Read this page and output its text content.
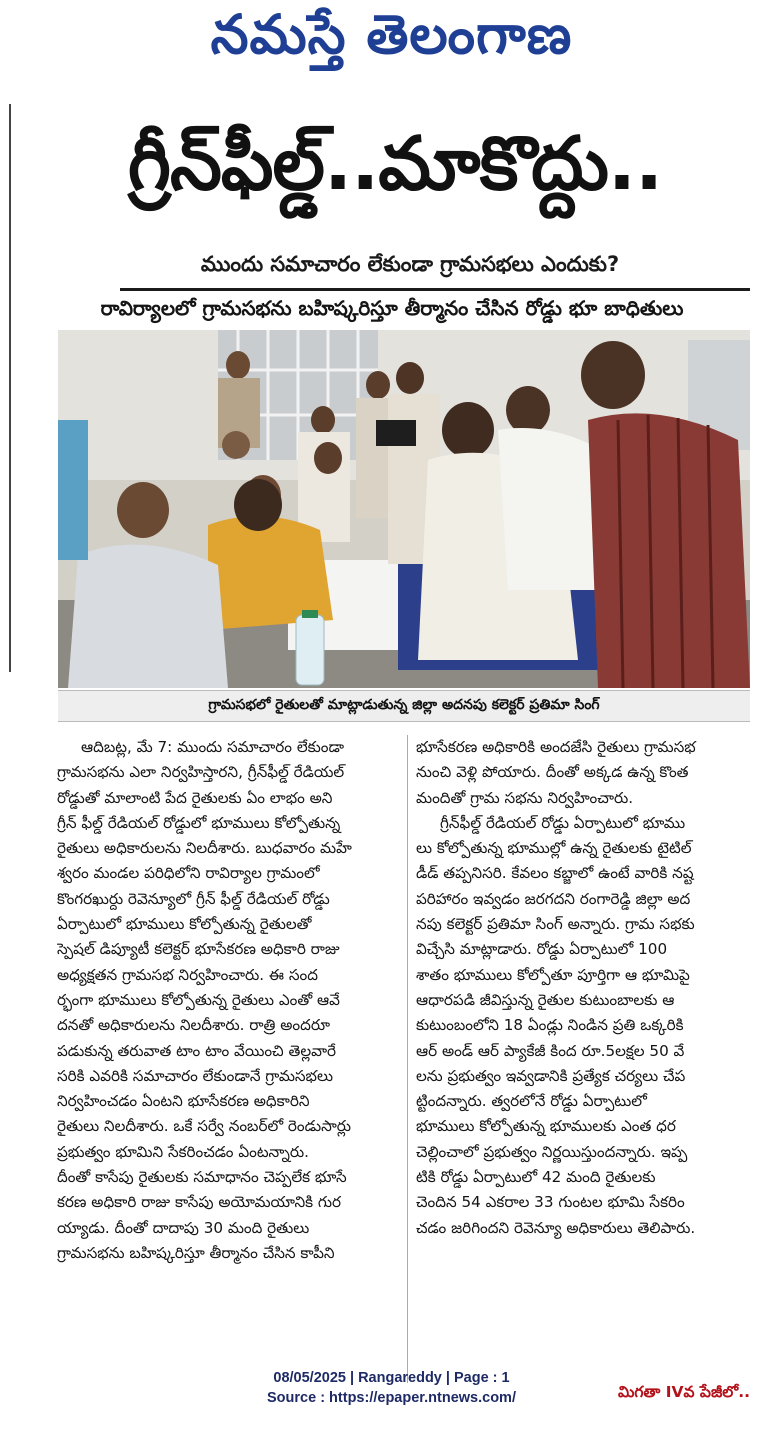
నమస్తే తెలంగాణ
గ్రీన్‌ఫీల్డ్..మాకొద్దు..
ముందు సమాచారం లేకుండా గ్రామసభలు ఎందుకు?
రావిర్యాలలో గ్రామసభను బహిష్కరిస్తూ తీర్మానం చేసిన రోడ్డు భూ బాధితులు
గ్రామసభలో రైతులతో మాట్లాడుతున్న జిల్లా అదనపు కలెక్టర్ ప్రతిమా సింగ్
ఆదిబట్ల, మే 7: ముందు సమాచారం లేకుండా
గ్రామసభను ఎలా నిర్వహిస్తారని, గ్రీన్‌ఫీల్డ్ రేడియల్
రోడ్డుతో మాలాంటి పేద రైతులకు ఏం లాభం అని
గ్రీన్ ఫీల్డ్ రేడియల్ రోడ్డులో భూములు కోల్పోతున్న
రైతులు అధికారులను నిలదీశారు. బుధవారం మహే
శ్వరం మండల పరిధిలోని రావిర్యాల గ్రామంలో
కొంగరఖుర్దు రెవెన్యూలో గ్రీన్ ఫీల్డ్ రేడియల్ రోడ్డు
ఏర్పాటులో భూములు కోల్పోతున్న రైతులతో
స్పెషల్ డిప్యూటీ కలెక్టర్ భూసేకరణ అధికారి రాజు
అధ్యక్షతన గ్రామసభ నిర్వహించారు. ఈ సంద
ర్భంగా భూములు కోల్పోతున్న రైతులు ఎంతో ఆవే
దనతో అధికారులను నిలదీశారు. రాత్రి అందరూ
పడుకున్న తరువాత టాం టాం వేయించి తెల్లవారే
సరికి ఎవరికి సమాచారం లేకుండానే గ్రామసభలు
నిర్వహించడం ఏంటని భూసేకరణ అధికారిని
రైతులు నిలదీశారు. ఒకే సర్వే నంబర్‌లో రెండుసార్లు
ప్రభుత్వం భూమిని సేకరించడం ఏంటన్నారు.
దీంతో కాసేపు రైతులకు సమాధానం చెప్పలేక భూసే
కరణ అధికారి రాజు కాసేపు అయోమయానికి గుర
య్యాడు. దీంతో దాదాపు 30 మంది రైతులు
గ్రామసభను బహిష్కరిస్తూ తీర్మానం చేసిన కాపీని
భూసేకరణ అధికారికి అందజేసి రైతులు గ్రామసభ
నుంచి వెళ్లి పోయారు. దీంతో అక్కడ ఉన్న కొంత
మందితో గ్రామ సభను నిర్వహించారు.
గ్రీన్‌ఫీల్డ్ రేడియల్ రోడ్డు ఏర్పాటులో భూము
లు కోల్పోతున్న భూముల్లో ఉన్న రైతులకు టైటిల్
డీడ్ తప్పనిసరి. కేవలం కబ్జాలో ఉంటే వారికి నష్ట
పరిహారం ఇవ్వడం జరగదని రంగారెడ్డి జిల్లా అద
నపు కలెక్టర్ ప్రతిమా సింగ్ అన్నారు. గ్రామ సభకు
విచ్చేసి మాట్లాడారు. రోడ్డు ఏర్పాటులో 100
శాతం భూములు కోల్పోతూ పూర్తిగా ఆ భూమిపై
ఆధారపడి జీవిస్తున్న రైతుల కుటుంబాలకు ఆ
కుటుంబంలోని 18 ఏండ్లు నిండిన ప్రతి ఒక్కరికి
ఆర్ అండ్ ఆర్ ప్యాకేజీ కింద రూ.5లక్షల 50 వే
లను ప్రభుత్వం ఇవ్వడానికి ప్రత్యేక చర్యలు చేప
ట్టిందన్నారు. త్వరలోనే రోడ్డు ఏర్పాటులో
భూములు కోల్పోతున్న భూములకు ఎంత ధర
చెల్లించాలో ప్రభుత్వం నిర్ణయిస్తుందన్నారు. ఇప్ప
టికి రోడ్డు ఏర్పాటులో 42 మంది రైతులకు
చెందిన 54 ఎకరాల 33 గుంటల భూమి సేకరిం
చడం జరిగిందని రెవెన్యూ అధికారులు తెలిపారు.
మిగతా IVవ పేజీలో..
08/05/2025 | Rangareddy | Page : 1
Source : https://epaper.ntnews.com/
